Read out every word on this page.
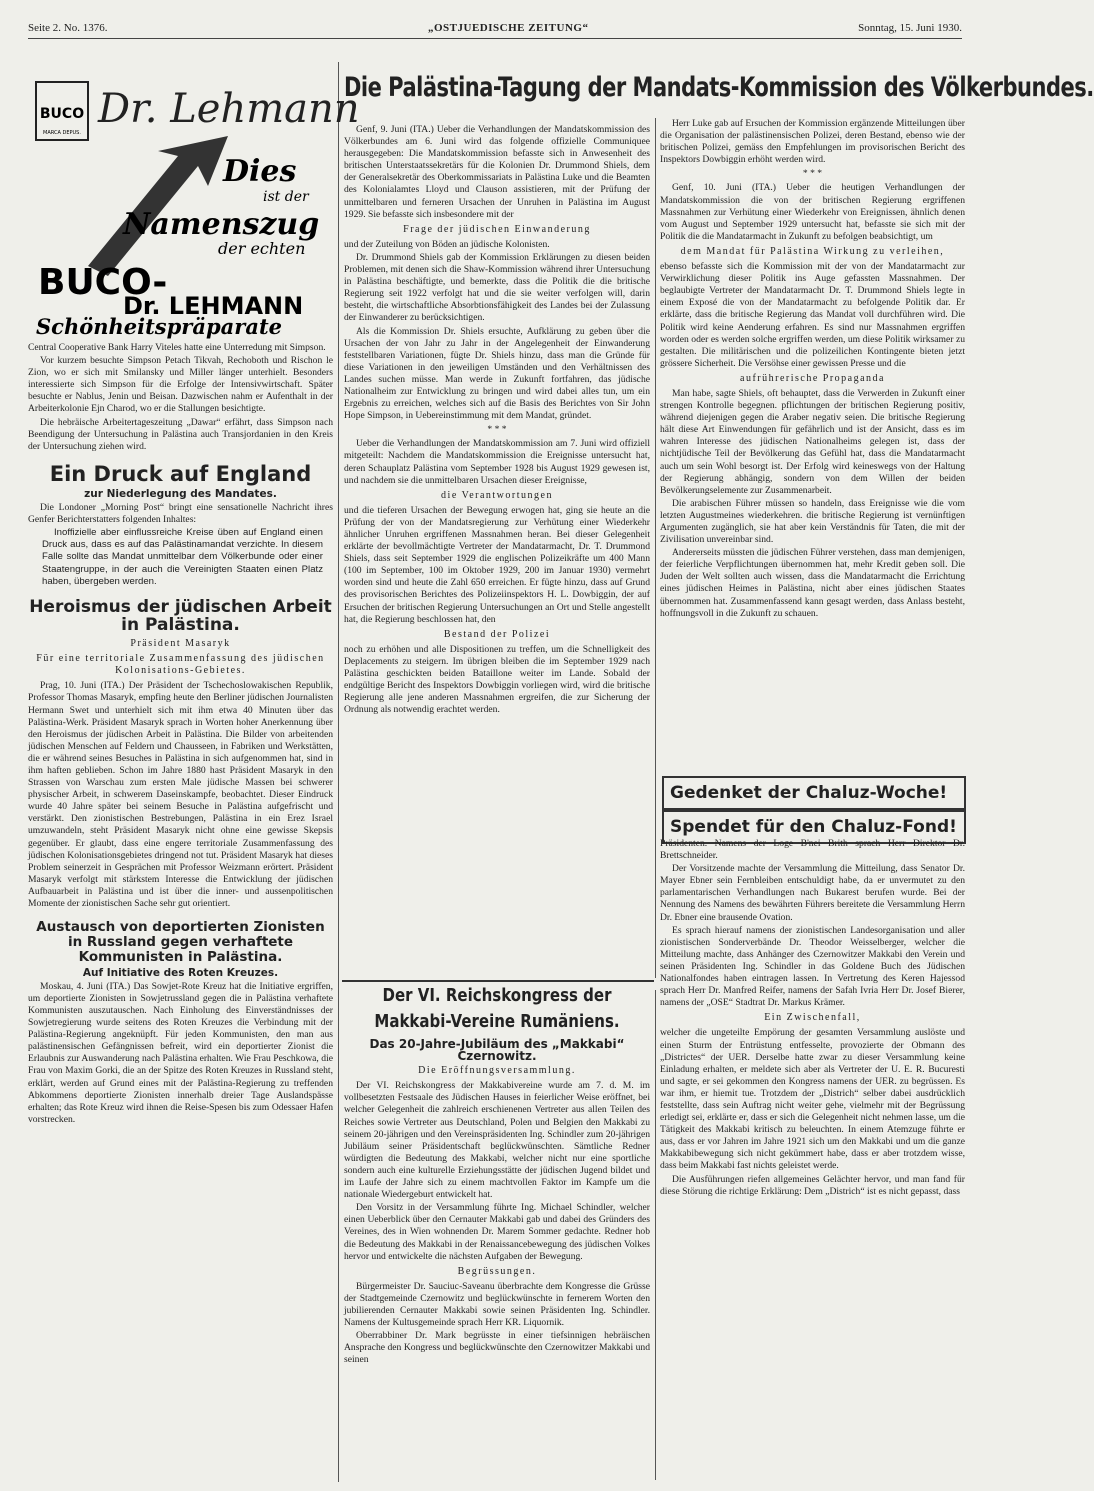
Seite 2. No. 1376.	„OSTJUEDISCHE ZEITUNG“	Sonntag, 15. Juni 1930.
BUCO
MARCA DEPUS.
Dr. Lehmann
Dies
ist der
Namenszug
der echten
BUCO-
Dr. LEHMANN
Schönheitspräparate

Central Cooperative Bank Harry Viteles hatte eine Unterredung mit Simpson.

Vor kurzem besuchte Simpson Petach Tikvah, Rechoboth und Rischon le Zion, wo er sich mit Smilansky und Miller länger unterhielt. Besonders interessierte sich Simpson für die Erfolge der Intensivwirtschaft. Später besuchte er Nablus, Jenin und Beisan. Dazwischen nahm er Aufenthalt in der Arbeiterkolonie Ejn Charod, wo er die Stallungen besichtigte.

Die hebräische Arbeitertageszeitung „Dawar“ erfährt, dass Simpson nach Beendigung der Untersuchung in Palästina auch Transjordanien in den Kreis der Untersuchung ziehen wird.

Ein Druck auf England
zur Niederlegung des Mandates.

Die Londoner „Morning Post“ bringt eine sensationelle Nachricht ihres Genfer Berichterstatters folgenden Inhaltes:

Inoffizielle aber einflussreiche Kreise üben auf England einen Druck aus, dass es auf das Palästinamandat verzichte. In diesem Falle sollte das Mandat unmittelbar dem Völkerbunde oder einer Staatengruppe, in der auch die Vereinigten Staaten einen Platz haben, übergeben werden.

Heroismus der jüdischen Arbeit in Palästina.
Präsident Masaryk
Für eine territoriale Zusammenfassung des jüdischen Kolonisations-Gebietes.

Prag, 10. Juni (ITA.) Der Präsident der Tschechoslowakischen Republik, Professor Thomas Masaryk, empfing heute den Berliner jüdischen Journalisten Hermann Swet und unterhielt sich mit ihm etwa 40 Minuten über das Palästina-Werk. Präsident Masaryk sprach in Worten hoher Anerkennung über den Heroismus der jüdischen Arbeit in Palästina. Die Bilder von arbeitenden jüdischen Menschen auf Feldern und Chausseen, in Fabriken und Werkstätten, die er während seines Besuches in Palästina in sich aufgenommen hat, sind in ihm haften geblieben. Schon im Jahre 1880 hast Präsident Masaryk in den Strassen von Warschau zum ersten Male jüdische Massen bei schwerer physischer Arbeit, in schwerem Daseinskampfe, beobachtet. Dieser Eindruck wurde 40 Jahre später bei seinem Besuche in Palästina aufgefrischt und verstärkt. Den zionistischen Bestrebungen, Palästina in ein Erez Israel umzuwandeln, steht Präsident Masaryk nicht ohne eine gewisse Skepsis gegenüber. Er glaubt, dass eine engere territoriale Zusammenfassung des jüdischen Kolonisationsgebietes dringend not tut. Präsident Masaryk hat dieses Problem seinerzeit in Gesprächen mit Professor Weizmann erörtert. Präsident Masaryk verfolgt mit stärkstem Interesse die Entwicklung der jüdischen Aufbauarbeit in Palästina und ist über die inner- und aussenpolitischen Momente der zionistischen Sache sehr gut orientiert.

Austausch von deportierten Zionisten in Russland gegen verhaftete Kommunisten in Palästina.
Auf Initiative des Roten Kreuzes.

Moskau, 4. Juni (ITA.) Das Sowjet-Rote Kreuz hat die Initiative ergriffen, um deportierte Zionisten in Sowjetrussland gegen die in Palästina verhaftete Kommunisten auszutauschen. Nach Einholung des Einverständnisses der Sowjetregierung wurde seitens des Roten Kreuzes die Verbindung mit der Palästina-Regierung angeknüpft. Für jeden Kommunisten, den man aus palästinensischen Gefängnissen befreit, wird ein deportierter Zionist die Erlaubnis zur Auswanderung nach Palästina erhalten. Wie Frau Peschkowa, die Frau von Maxim Gorki, die an der Spitze des Roten Kreuzes in Russland steht, erklärt, werden auf Grund eines mit der Palästina-Regierung zu treffenden Abkommens deportierte Zionisten innerhalb dreier Tage Auslandspässe erhalten; das Rote Kreuz wird ihnen die Reise-Spesen bis zum Odessaer Hafen vorstrecken.

Die Palästina-Tagung der Mandats-Kommission des Völkerbundes.

Genf, 9. Juni (ITA.) Ueber die Verhandlungen der Mandatskommission des Völkerbundes am 6. Juni wird das folgende offizielle Communiquee herausgegeben: Die Mandatskommission befasste sich in Anwesenheit des britischen Unterstaatssekretärs für die Kolonien Dr. Drummond Shiels, dem der Generalsekretär des Oberkommissariats in Palästina Luke und die Beamten des Kolonialamtes Lloyd und Clauson assistieren, mit der Prüfung der unmittelbaren und ferneren Ursachen der Unruhen in Palästina im August 1929. Sie befasste sich insbesondere mit der

Frage der jüdischen Einwanderung

und der Zuteilung von Böden an jüdische Kolonisten.

Dr. Drummond Shiels gab der Kommission Erklärungen zu diesen beiden Problemen, mit denen sich die Shaw-Kommission während ihrer Untersuchung in Palästina beschäftigte, und bemerkte, dass die Politik die die britische Regierung seit 1922 verfolgt hat und die sie weiter verfolgen will, darin besteht, die wirtschaftliche Absorbtionsfähigkeit des Landes bei der Zulassung der Einwanderer zu berücksichtigen.

Als die Kommission Dr. Shiels ersuchte, Aufklärung zu geben über die Ursachen der von Jahr zu Jahr in der Angelegenheit der Einwanderung feststellbaren Variationen, fügte Dr. Shiels hinzu, dass man die Gründe für diese Variationen in den jeweiligen Umständen und den Verhältnissen des Landes suchen müsse. Man werde in Zukunft fortfahren, das jüdische Nationalheim zur Entwicklung zu bringen und wird dabei alles tun, um ein Ergebnis zu erreichen, welches sich auf die Basis des Berichtes von Sir John Hope Simpson, in Uebereinstimmung mit dem Mandat, gründet.

* * *

Ueber die Verhandlungen der Mandatskommission am 7. Juni wird offiziell mitgeteilt: Nachdem die Mandatskommission die Ereignisse untersucht hat, deren Schauplatz Palästina vom September 1928 bis August 1929 gewesen ist, und nachdem sie die unmittelbaren Ursachen dieser Ereignisse,

die Verantwortungen

und die tieferen Ursachen der Bewegung erwogen hat, ging sie heute an die Prüfung der von der Mandatsregierung zur Verhütung einer Wiederkehr ähnlicher Unruhen ergriffenen Massnahmen heran. Bei dieser Gelegenheit erklärte der bevollmächtigte Vertreter der Mandatarmacht, Dr. T. Drummond Shiels, dass seit September 1929 die englischen Polizeikräfte um 400 Mann (100 im September, 100 im Oktober 1929, 200 im Januar 1930) vermehrt worden sind und heute die Zahl 650 erreichen. Er fügte hinzu, dass auf Grund des provisorischen Berichtes des Polizeiinspektors H. L. Dowbiggin, der auf Ersuchen der britischen Regierung Untersuchungen an Ort und Stelle angestellt hat, die Regierung beschlossen hat, den

Bestand der Polizei

noch zu erhöhen und alle Dispositionen zu treffen, um die Schnelligkeit des Deplacements zu steigern. Im übrigen bleiben die im September 1929 nach Palästina geschickten beiden Bataillone weiter im Lande. Sobald der endgültige Bericht des Inspektors Dowbiggin vorliegen wird, wird die britische Regierung alle jene anderen Massnahmen ergreifen, die zur Sicherung der Ordnung als notwendig erachtet werden.

Herr Luke gab auf Ersuchen der Kommission ergänzende Mitteilungen über die Organisation der palästinensischen Polizei, deren Bestand, ebenso wie der britischen Polizei, gemäss den Empfehlungen im provisorischen Bericht des Inspektors Dowbiggin erhöht werden wird.

* * *

Genf, 10. Juni (ITA.) Ueber die heutigen Verhandlungen der Mandatskommission die von der britischen Regierung ergriffenen Massnahmen zur Verhütung einer Wiederkehr von Ereignissen, ähnlich denen vom August und September 1929 untersucht hat, befasste sie sich mit der Politik die die Mandatarmacht in Zukunft zu befolgen beabsichtigt, um

dem Mandat für Palästina Wirkung zu verleihen,

ebenso befasste sich die Kommission mit der von der Mandatarmacht zur Verwirklichung dieser Politik ins Auge gefassten Massnahmen. Der beglaubigte Vertreter der Mandatarmacht Dr. T. Drummond Shiels legte in einem Exposé die von der Mandatarmacht zu befolgende Politik dar. Er erklärte, dass die britische Regierung das Mandat voll durchführen wird. Die Politik wird keine Aenderung erfahren. Es sind nur Massnahmen ergriffen worden oder es werden solche ergriffen werden, um diese Politik wirksamer zu gestalten. Die militärischen und die polizeilichen Kontingente bieten jetzt grössere Sicherheit. Die Versöhse einer gewissen Presse und die

aufrührerische Propaganda

Man habe, sagte Shiels, oft behauptet, dass die Verwerden in Zukunft einer strengen Kontrolle begegnen. pflichtungen der britischen Regierung positiv, während diejenigen gegen die Araber negativ seien. Die britische Regierung hält diese Art Einwendungen für gefährlich und ist der Ansicht, dass es im wahren Interesse des jüdischen Nationalheims gelegen ist, dass der nichtjüdische Teil der Bevölkerung das Gefühl hat, dass die Mandatarmacht auch um sein Wohl besorgt ist. Der Erfolg wird keineswegs von der Haltung der Regierung abhängig, sondern von dem Willen der beiden Bevölkerungselemente zur Zusammenarbeit.

Die arabischen Führer müssen so handeln, dass Ereignisse wie die vom letzten Augustmeines wiederkehren. die britische Regierung ist vernünftigen Argumenten zugänglich, sie hat aber kein Verständnis für Taten, die mit der Zivilisation unvereinbar sind.

Andererseits müssten die jüdischen Führer verstehen, dass man demjenigen, der feierliche Verpflichtungen übernommen hat, mehr Kredit geben soll. Die Juden der Welt sollten auch wissen, dass die Mandatarmacht die Errichtung eines jüdischen Heimes in Palästina, nicht aber eines jüdischen Staates übernommen hat. Zusammenfassend kann gesagt werden, dass Anlass besteht, hoffnungsvoll in die Zukunft zu schauen.

Gedenket der Chaluz-Woche!
Spendet für den Chaluz-Fond!
Der VI. Reichskongress der Makkabi-Vereine Rumäniens.
Das 20-Jahre-Jubiläum des „Makkabi“ Czernowitz.
Die Eröffnungsversammlung.

Der VI. Reichskongress der Makkabivereine wurde am 7. d. M. im vollbesetzten Festsaale des Jüdischen Hauses in feierlicher Weise eröffnet, bei welcher Gelegenheit die zahlreich erschienenen Vertreter aus allen Teilen des Reiches sowie Vertreter aus Deutschland, Polen und Belgien den Makkabi zu seinem 20-jährigen und den Vereinspräsidenten Ing. Schindler zum 20-jährigen Jubiläum seiner Präsidentschaft beglückwünschten. Sämtliche Redner würdigten die Bedeutung des Makkabi, welcher nicht nur eine sportliche sondern auch eine kulturelle Erziehungsstätte der jüdischen Jugend bildet und im Laufe der Jahre sich zu einem machtvollen Faktor im Kampfe um die nationale Wiedergeburt entwickelt hat.

Den Vorsitz in der Versammlung führte Ing. Michael Schindler, welcher einen Ueberblick über den Cernauter Makkabi gab und dabei des Gründers des Vereines, des in Wien wohnenden Dr. Marem Sommer gedachte. Redner hob die Bedeutung des Makkabi in der Renaissancebewegung des jüdischen Volkes hervor und entwickelte die nächsten Aufgaben der Bewegung.

Begrüssungen.

Bürgermeister Dr. Sauciuc-Saveanu überbrachte dem Kongresse die Grüsse der Stadtgemeinde Czernowitz und beglückwünschte in fernerem Worten den jubilierenden Cernauter Makkabi sowie seinen Präsidenten Ing. Schindler. Namens der Kultusgemeinde sprach Herr KR. Liquornik.

Oberrabbiner Dr. Mark begrüsste in einer tiefsinnigen hebräischen Ansprache den Kongress und beglückwünschte den Czernowitzer Makkabi und seinen

Präsidenten. Namens der Loge B'nei Brith sprach Herr Direktor Dr. Brettschneider.

Der Vorsitzende machte der Versammlung die Mitteilung, dass Senator Dr. Mayer Ebner sein Fernbleiben entschuldigt habe, da er unvermutet zu den parlamentarischen Verhandlungen nach Bukarest berufen wurde. Bei der Nennung des Namens des bewährten Führers bereitete die Versammlung Herrn Dr. Ebner eine brausende Ovation.

Es sprach hierauf namens der zionistischen Landesorganisation und aller zionistischen Sonderverbände Dr. Theodor Weisselberger, welcher die Mitteilung machte, dass Anhänger des Czernowitzer Makkabi den Verein und seinen Präsidenten Ing. Schindler in das Goldene Buch des Jüdischen Nationalfondes haben eintragen lassen. In Vertretung des Keren Hajessod sprach Herr Dr. Manfred Reifer, namens der Safah Ivria Herr Dr. Josef Bierer, namens der „OSE“ Stadtrat Dr. Markus Krämer.

Ein Zwischenfall,

welcher die ungeteilte Empörung der gesamten Versammlung auslöste und einen Sturm der Entrüstung entfesselte, provozierte der Obmann des „Districtes“ der UER. Derselbe hatte zwar zu dieser Versammlung keine Einladung erhalten, er meldete sich aber als Vertreter der U. E. R. Bucuresti und sagte, er sei gekommen den Kongress namens der UER. zu begrüssen. Es war ihm, er hiemit tue. Trotzdem der „Districh“ selber dabei ausdrücklich feststellte, dass sein Auftrag nicht weiter gehe, vielmehr mit der Begrüssung erledigt sei, erklärte er, dass er sich die Gelegenheit nicht nehmen lasse, um die Tätigkeit des Makkabi kritisch zu beleuchten. In einem Atemzuge führte er aus, dass er vor Jahren im Jahre 1921 sich um den Makkabi und um die ganze Makkabibewegung sich nicht gekümmert habe, dass er aber trotzdem wisse, dass beim Makkabi fast nichts geleistet werde.

Die Ausführungen riefen allgemeines Gelächter hervor, und man fand für diese Störung die richtige Erklärung: Dem „Districh“ ist es nicht gepasst, dass
